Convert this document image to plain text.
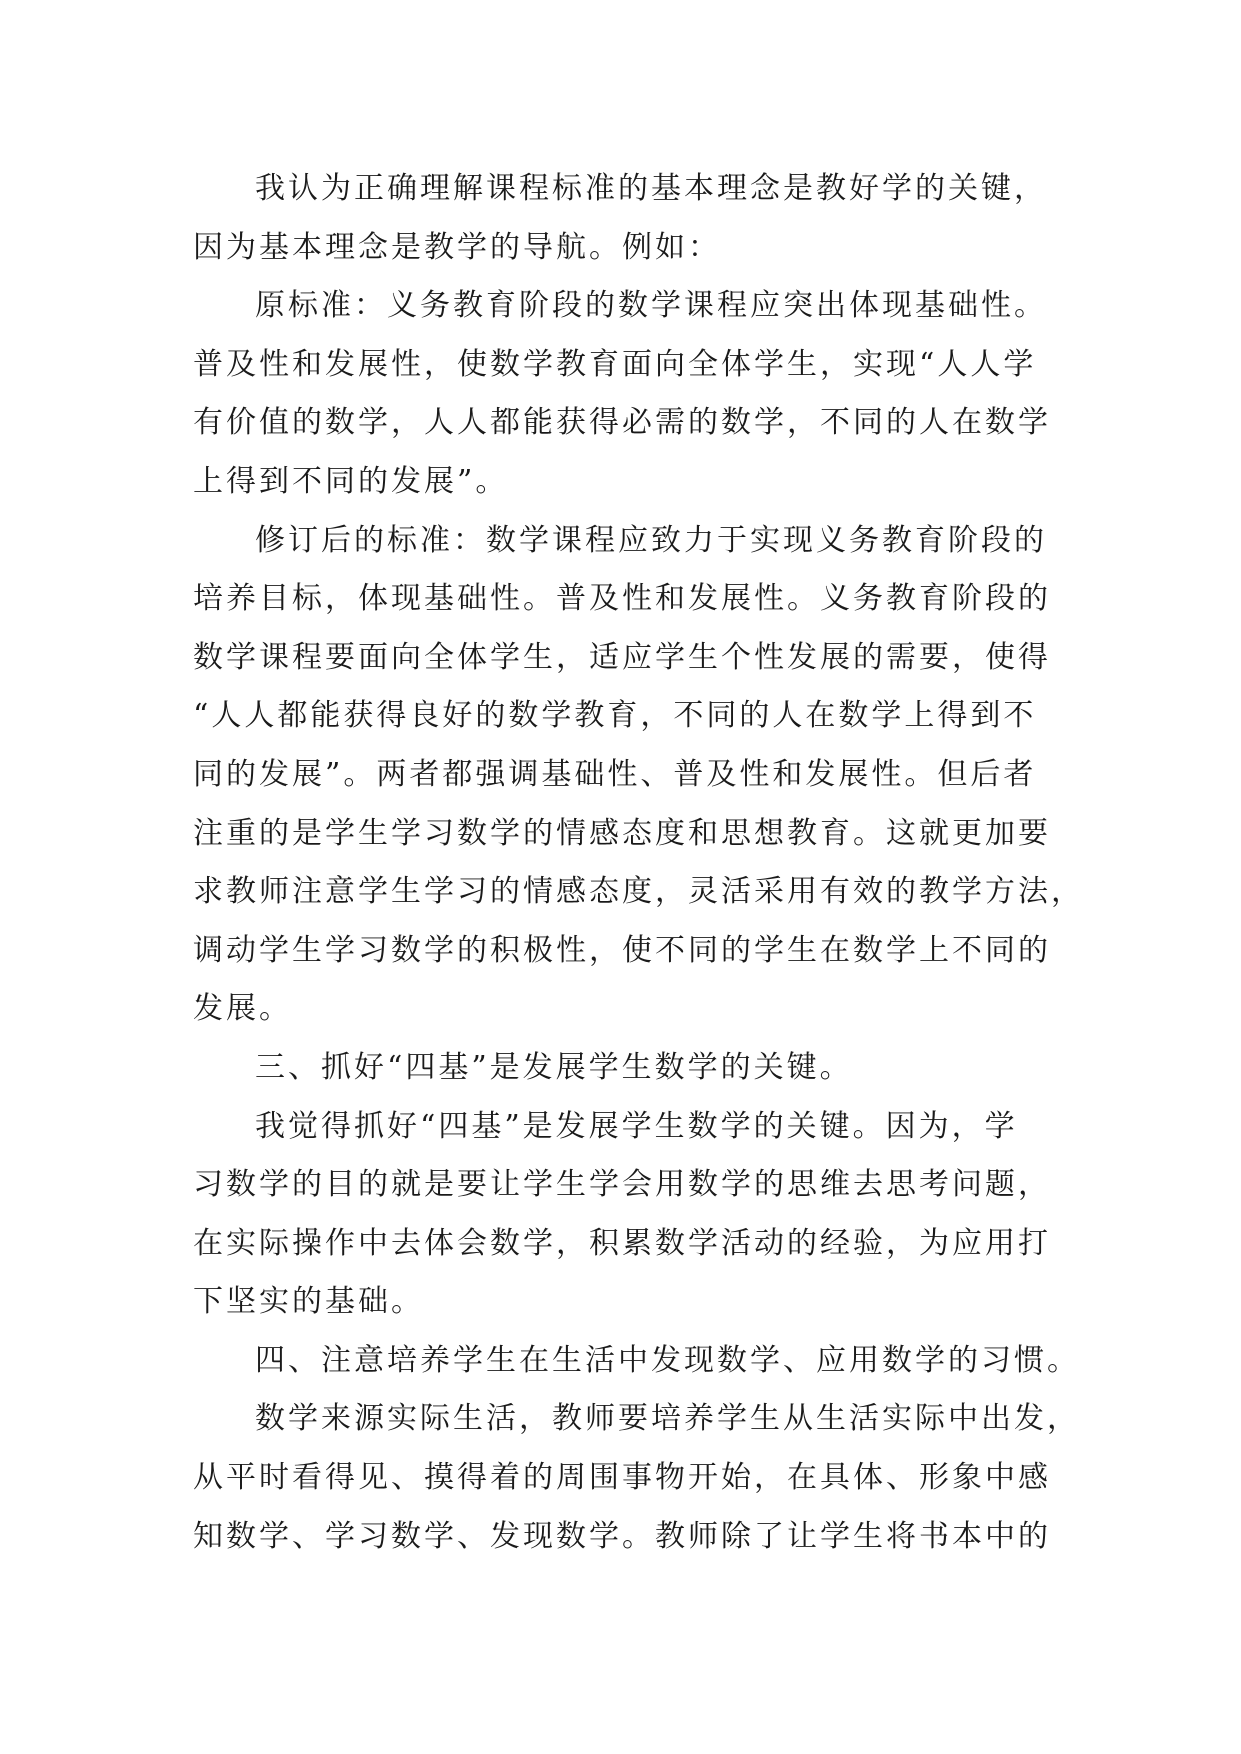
我认为正确理解课程标准的基本理念是教好学的关键，
因为基本理念是教学的导航。例如：
原标准：义务教育阶段的数学课程应突出体现基础性。
普及性和发展性，使数学教育面向全体学生，实现“人人学
有价值的数学，人人都能获得必需的数学，不同的人在数学
上得到不同的发展”。
修订后的标准：数学课程应致力于实现义务教育阶段的
培养目标，体现基础性。普及性和发展性。义务教育阶段的
数学课程要面向全体学生，适应学生个性发展的需要，使得
“人人都能获得良好的数学教育，不同的人在数学上得到不
同的发展”。两者都强调基础性、普及性和发展性。但后者
注重的是学生学习数学的情感态度和思想教育。这就更加要
求教师注意学生学习的情感态度，灵活采用有效的教学方法，
调动学生学习数学的积极性，使不同的学生在数学上不同的
发展。
三、抓好“四基”是发展学生数学的关键。
我觉得抓好“四基”是发展学生数学的关键。因为，学
习数学的目的就是要让学生学会用数学的思维去思考问题，
在实际操作中去体会数学，积累数学活动的经验，为应用打
下坚实的基础。
四、注意培养学生在生活中发现数学、应用数学的习惯。
数学来源实际生活，教师要培养学生从生活实际中出发，
从平时看得见、摸得着的周围事物开始，在具体、形象中感
知数学、学习数学、发现数学。教师除了让学生将书本中的
